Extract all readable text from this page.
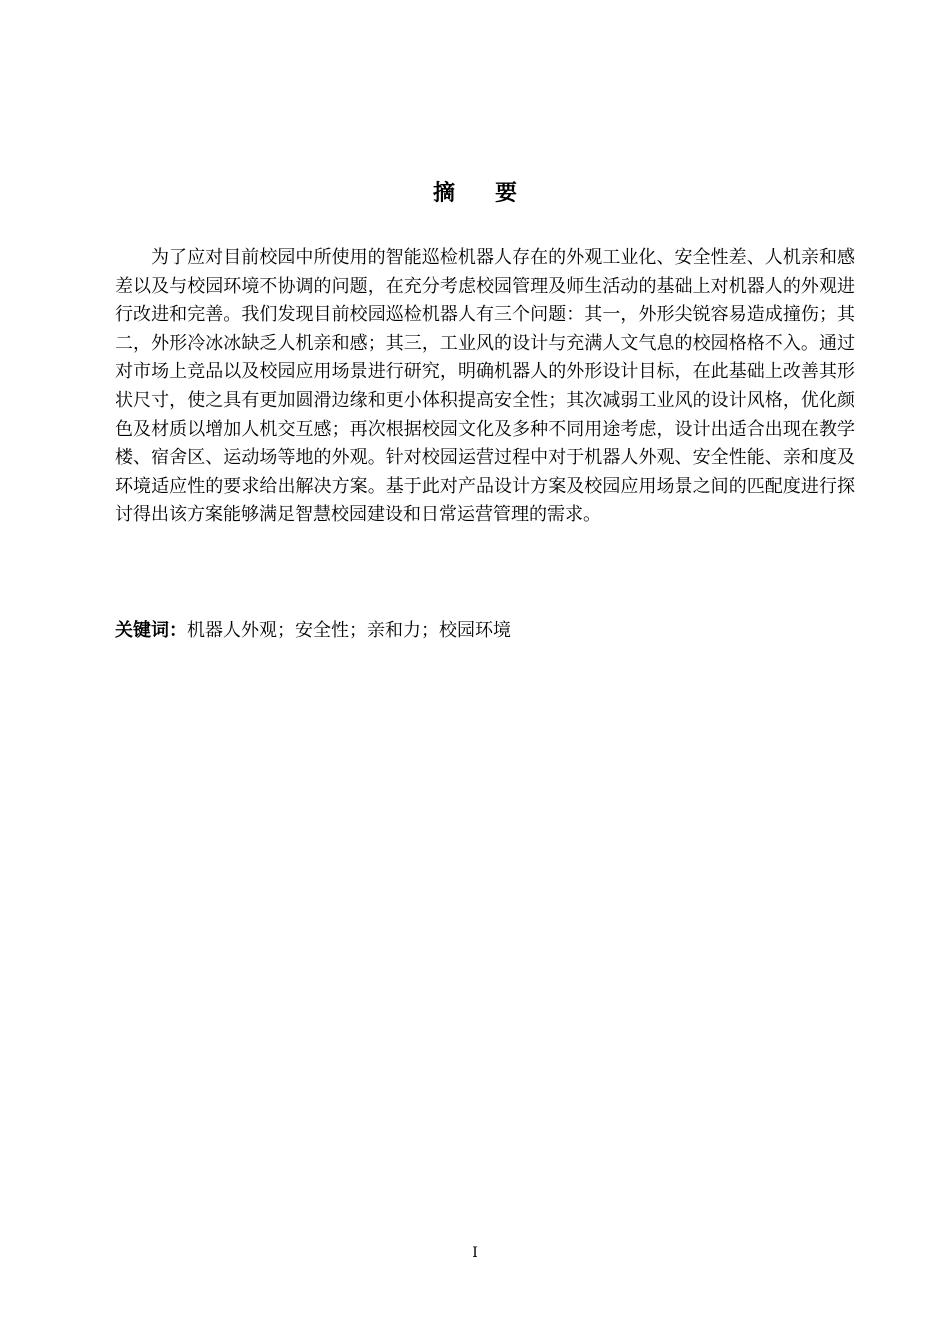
摘要

为了应对目前校园中所使用的智能巡检机器人存在的外观工业化、安全性差、人机亲和感差以及与校园环境不协调的问题，在充分考虑校园管理及师生活动的基础上对机器人的外观进行改进和完善。我们发现目前校园巡检机器人有三个问题：其一，外形尖锐容易造成撞伤；其二，外形冷冰冰缺乏人机亲和感；其三，工业风的设计与充满人文气息的校园格格不入。通过对市场上竞品以及校园应用场景进行研究，明确机器人的外形设计目标，在此基础上改善其形状尺寸，使之具有更加圆滑边缘和更小体积提高安全性；其次减弱工业风的设计风格，优化颜色及材质以增加人机交互感；再次根据校园文化及多种不同用途考虑，设计出适合出现在教学楼、宿舍区、运动场等地的外观。针对校园运营过程中对于机器人外观、安全性能、亲和度及环境适应性的要求给出解决方案。基于此对产品设计方案及校园应用场景之间的匹配度进行探讨得出该方案能够满足智慧校园建设和日常运营管理的需求。

关键词：机器人外观；安全性；亲和力；校园环境
I
